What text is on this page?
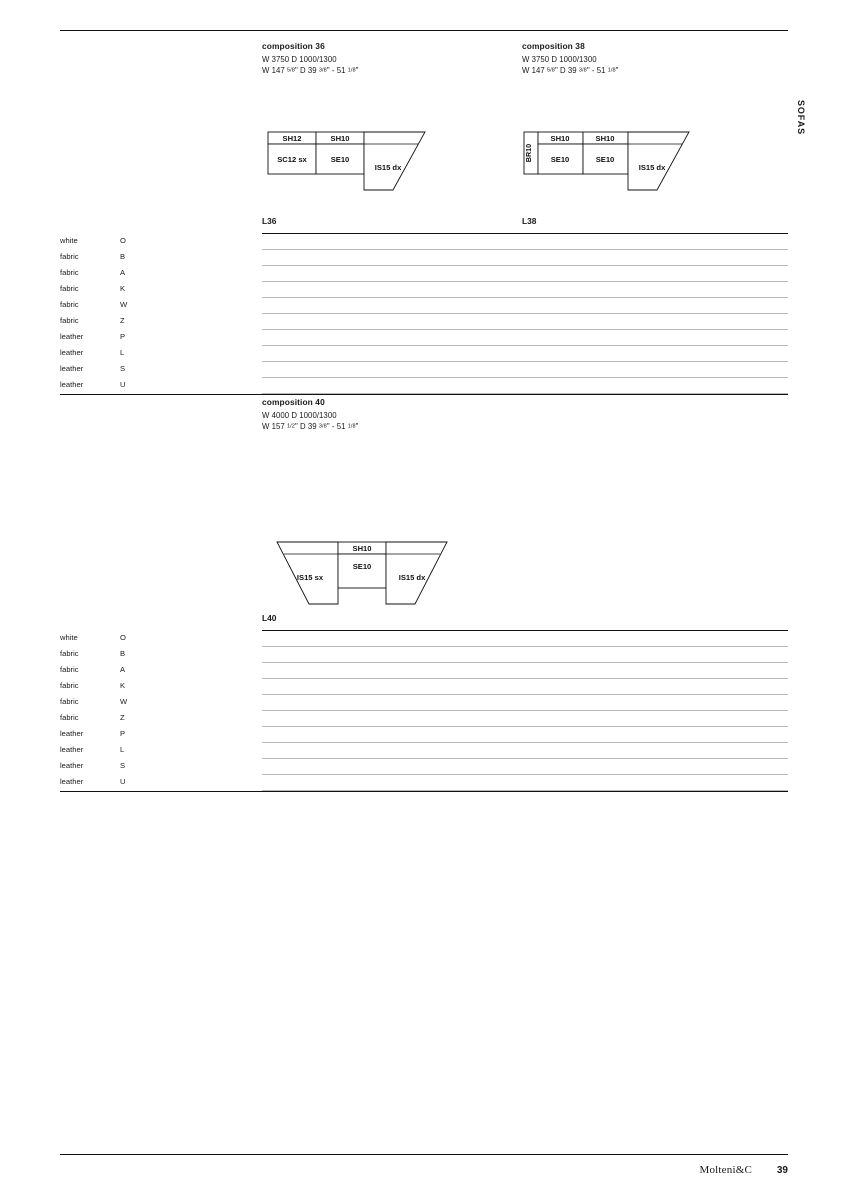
SOFAS
composition 36
W 3750 D 1000/1300
W 147 $^{5/8}$" D 39 $^{3/8}$" - 51 $^{1/8}$"
SH12	SH10
SC12 sx	SE10
IS15 dx
L36
composition 38
W 3750 D 1000/1300
W 147 $^{5/8}$" D 39 $^{3/8}$" - 51 $^{1/8}$"
BR10
SH10	SH10
SE10	SE10
IS15 dx
L38
white	O
fabric	B
fabric	A
fabric	K
fabric	W
fabric	Z
leather	P
leather	L
leather	S
leather	U
composition 40
W 4000 D 1000/1300
W 157 $^{1/2}$" D 39 $^{3/8}$" - 51 $^{1/8}$"
SH10
SE10
IS15 sx	IS15 dx
L40
white	O
fabric	B
fabric	A
fabric	K
fabric	W
fabric	Z
leather	P
leather	L
leather	S
leather	U
Molteni&C 39
